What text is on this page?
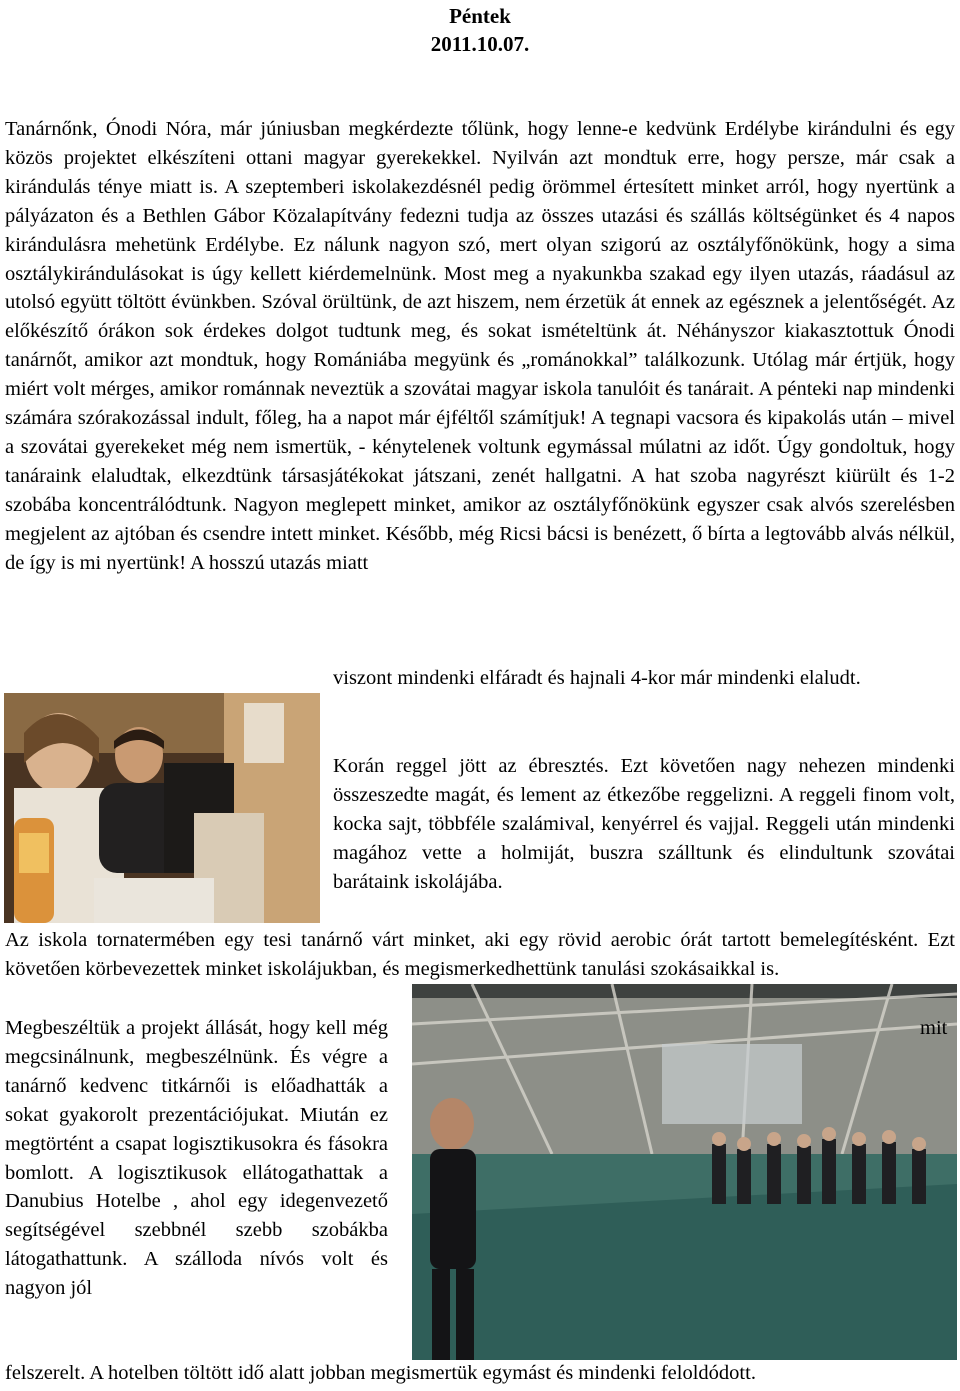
Péntek
2011.10.07.

Tanárnőnk, Ónodi Nóra, már júniusban megkérdezte tőlünk, hogy lenne-e kedvünk Erdélybe kirándulni és egy közös projektet elkészíteni ottani magyar gyerekekkel. Nyilván azt mondtuk erre, hogy persze, már csak a kirándulás ténye miatt is. A szeptemberi iskolakezdésnél pedig örömmel értesített minket arról, hogy nyertünk a pályázaton és a Bethlen Gábor Közalapítvány fedezni tudja az összes utazási és szállás költségünket és 4 napos kirándulásra mehetünk Erdélybe. Ez nálunk nagyon szó, mert olyan szigorú az osztályfőnökünk, hogy a sima osztálykirándulásokat is úgy kellett kiérdemelnünk. Most meg a nyakunkba szakad egy ilyen utazás, ráadásul az utolsó együtt töltött évünkben. Szóval örültünk, de azt hiszem, nem érzetük át ennek az egésznek a jelentőségét. Az előkészítő órákon sok érdekes dolgot tudtunk meg, és sokat ismételtünk át. Néhányszor kiakasztottuk Ónodi tanárnőt, amikor azt mondtuk, hogy Romániába megyünk és „románokkal” találkozunk. Utólag már értjük, hogy miért volt mérges, amikor románnak neveztük a szovátai magyar iskola tanulóit és tanárait. A pénteki nap mindenki számára szórakozással indult, főleg, ha a napot már éjféltől számítjuk! A tegnapi vacsora és kipakolás után – mivel a szovátai gyerekeket még nem ismertük, - kénytelenek voltunk egymással múlatni az időt. Úgy gondoltuk, hogy tanáraink elaludtak, elkezdtünk társasjátékokat játszani, zenét hallgatni. A hat szoba nagyrészt kiürült és 1-2 szobába koncentrálódtunk. Nagyon meglepett minket, amikor az osztályfőnökünk egyszer csak alvós szerelésben megjelent az ajtóban és csendre intett minket. Később, még Ricsi bácsi is benézett, ő bírta a legtovább alvás nélkül, de így is mi nyertünk! A hosszú utazás miatt

viszont mindenki elfáradt és hajnali 4-kor már mindenki elaludt.

Korán reggel jött az ébresztés. Ezt követően nagy nehezen mindenki összeszedte magát, és lement az étkezőbe reggelizni. A reggeli finom volt, kocka sajt, többféle szalámival, kenyérrel és vajjal. Reggeli után mindenki magához vette a holmiját, buszra szálltunk és elindultunk szovátai barátaink iskolájába.

Az iskola tornatermében egy tesi tanárnő várt minket, aki egy rövid aerobic órát tartott bemelegítésként. Ezt követően körbevezettek minket iskolájukban, és megismerkedhettünk tanulási szokásaikkal is.

Megbeszéltük a projekt állását, hogy kell még megcsinálnunk, megbeszélnünk. És végre a tanárnő kedvenc titkárnői is előadhatták a sokat gyakorolt prezentációjukat. Miután ez megtörtént a csapat logisztikusokra és fásokra bomlott. A logisztikusok ellátogathattak a Danubius Hotelbe , ahol egy idegenvezető segítségével szebbnél szebb szobákba látogathattunk. A szálloda nívós volt és nagyon jól
mit

felszerelt. A hotelben töltött idő alatt jobban megismertük egymást és mindenki feloldódott.
